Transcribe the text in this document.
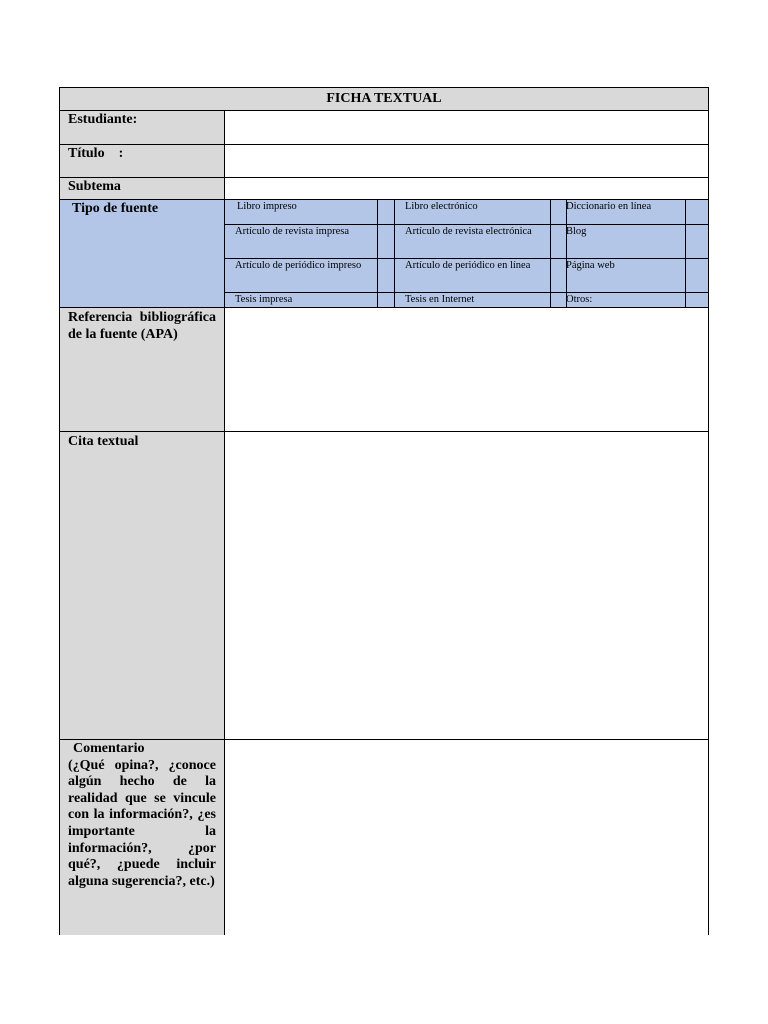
FICHA TEXTUAL
Estudiante:
Título    :
Subtema
Tipo de fuente	Libro impreso	Libro electrónico	Diccionario en línea
Artículo de revista impresa	Artículo de revista electrónica	Blog
Artículo de periódico impreso	Artículo de periódico en línea	Página web
Tesis impresa	Tesis en Internet	Otros:
Referencia bibliográfica de la fuente (APA)
Cita textual
Comentario
(¿Qué opina?, ¿conoce algún hecho de la realidad que se vincule con la información?, ¿es importante la información?, ¿por qué?, ¿puede incluir alguna sugerencia?, etc.)
